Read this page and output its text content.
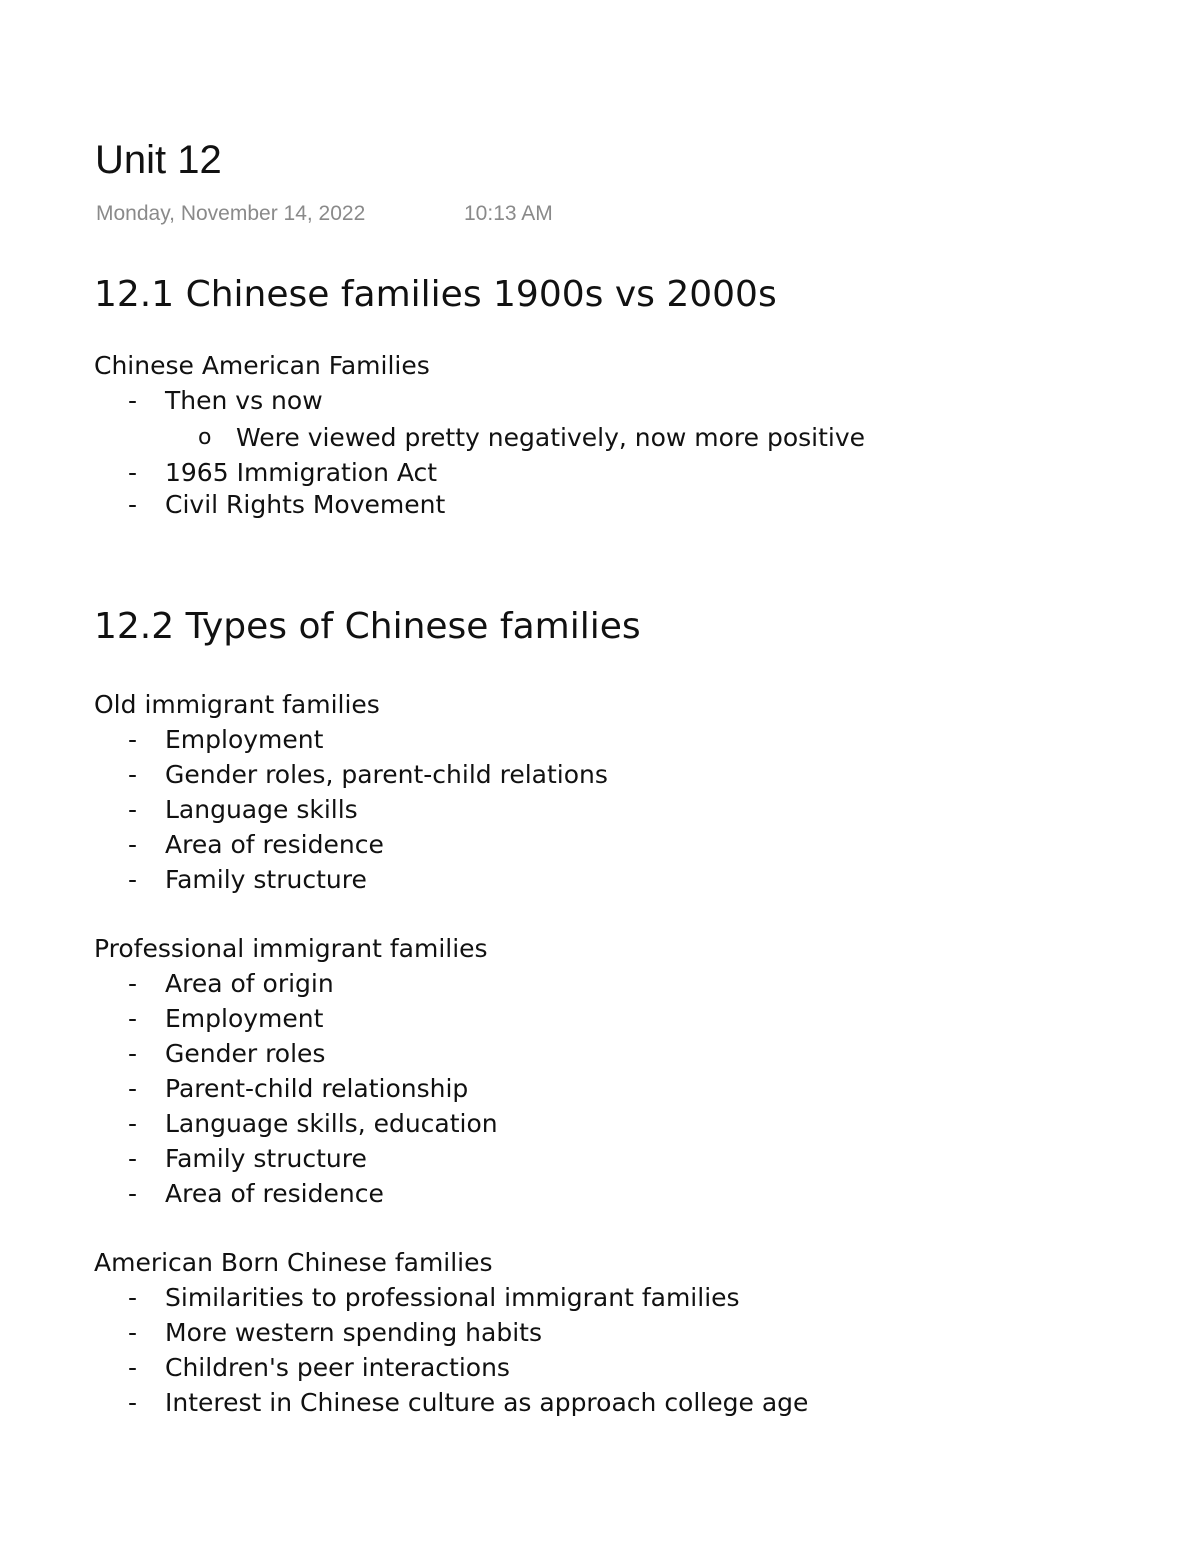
Unit 12
Monday, November 14, 2022	10:13 AM
12.1 Chinese families 1900s vs 2000s
Chinese American Families
- Then vs now
o Were viewed pretty negatively, now more positive
- 1965 Immigration Act
- Civil Rights Movement
12.2 Types of Chinese families
Old immigrant families
- Employment
- Gender roles, parent-child relations
- Language skills
- Area of residence
- Family structure
Professional immigrant families
- Area of origin
- Employment
- Gender roles
- Parent-child relationship
- Language skills, education
- Family structure
- Area of residence
American Born Chinese families
- Similarities to professional immigrant families
- More western spending habits
- Children's peer interactions
- Interest in Chinese culture as approach college age
